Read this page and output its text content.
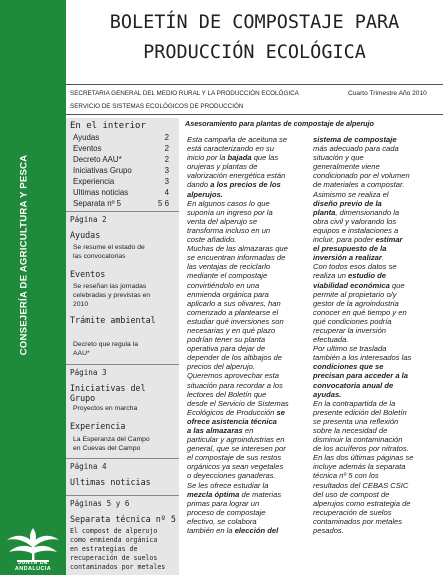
CONSEJERÍA DE AGRICULTURA Y PESCA
JUNTA DE ANDALUCIA
BOLETÍN DE COMPOSTAJE PARA
PRODUCCIÓN ECOLÓGICA
SECRETARIA GENERAL DEL MEDIO RURAL Y LA PRODUCCIÓN ECOLÓGICA	Cuarto Trimestre Año 2010
SERVICIO DE SISTEMAS ECOLÓGICOS DE PRODUCCIÓN
En el interior
Ayudas	2
Eventos	2
Decreto AAU*	2
Iniciativas Grupo	3
Experiencia	3
Ultimas noticias	4
Separata nº 5	5 6
Página 2
Ayudas
Se resume el estado de
las convocatorias
Eventos
Se reseñan las jornadas
celebradas y previstas en
2010
Trámite ambiental
Decreto que regula la
AAU*
Página 3
Iniciativas del
Grupo
Proyectos en marcha
Experiencia
La Esperanza del Campo
en Cuevas del Campo
Página 4
Ultimas noticias
Páginas 5 y 6
Separata técnica nº 5
El compost de alperujo
como enmienda orgánica
en estrategias de
recuperación de suelos
contaminados por metales
Asesoramiento para plantas de compostaje de alperujo
Esta campaña de aceituna se
está caracterizando en su
inicio por la bajada que las
orujeras y plantas de
valorización energética están
dando a los precios de los
alperujos.
En algunos casos lo que
suponía un ingreso por la
venta del alperujo se
transforma incluso en un
coste añadido.
Muchas de las almazaras que
se encuentran informadas de
las ventajas de reciclarlo
mediante el compostaje
convirtiéndolo en una
enmienda orgánica para
aplicarlo a sus olivares, han
comenzado a plantearse el
estudiar qué inversiones son
necesarias y en qué plazo
podrían tener su planta
operativa para dejar de
depender de los altibajos de
precios del alperujo.
Queremos aprovechar esta
situación para recordar a los
lectores del Boletín que
desde el Servicio de Sistemas
Ecológicos de Producción se
ofrece asistencia técnica
a las almazaras en
particular y agroindustrias en
general, que se interesen por
el compostaje de sus restos
orgánicos ya sean vegetales
o deyecciones ganaderas.
Se les ofrece estudiar la
mezcla óptima de materias
primas para lograr un
proceso de compostaje
efectivo, se colabora
también en la elección del
sistema de compostaje
más adecuado para cada
situación y que
generalmente viene
condicionado por el volumen
de materiales a compostar.
Asimismo se realiza el
diseño previo de la
planta, dimensionando la
obra civil y valorando los
equipos e instalaciones a
incluir, para poder estimar
el presupuesto de la
inversión a realizar.
Con todos esos datos se
realiza un estudio de
viabilidad económica que
permite al propietario o/y
gestor de la agroindustria
conocer en qué tiempo y en
qué condiciones podría
recuperar la inversión
efectuada.
Por ultimo se traslada
también a los interesados las
condiciones que se
precisan para acceder a la
convocatoria anual de
ayudas.
En la contrapartida de la
presente edición del Boletín
se presenta una reflexión
sobre la necesidad de
disminuir la contaminación
de los acuíferos por nitratos.
En las dos últimas páginas se
incluye además la separata
técnica nº 5 con los
resultados del CEBAS CSIC
del uso de compost de
alperujos como estrategia de
recuperación de suelos
contaminados por metales
pesados.
